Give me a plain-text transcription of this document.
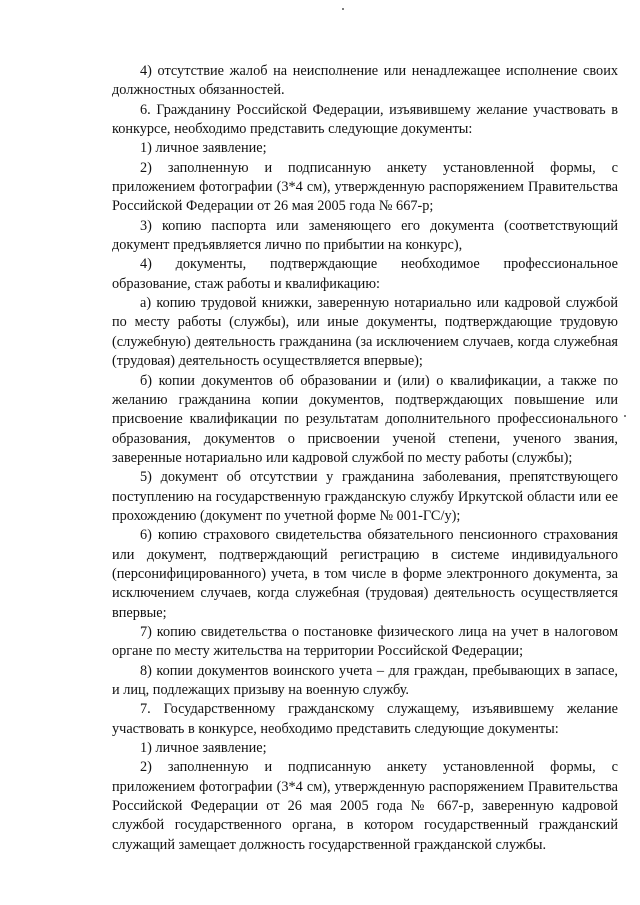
4) отсутствие жалоб на неисполнение или ненадлежащее исполнение своих должностных обязанностей.

6. Гражданину Российской Федерации, изъявившему желание участвовать в конкурсе, необходимо представить следующие документы:

1) личное заявление;

2) заполненную и подписанную анкету установленной формы, с приложением фотографии (3*4 см), утвержденную распоряжением Правительства Российской Федерации от 26 мая 2005 года № 667-р;

3) копию паспорта или заменяющего его документа (соответствующий документ предъявляется лично по прибытии на конкурс),

4) документы, подтверждающие необходимое профессиональное образование, стаж работы и квалификацию:

а) копию трудовой книжки, заверенную нотариально или кадровой службой по месту работы (службы), или иные документы, подтверждающие трудовую (служебную) деятельность гражданина (за исключением случаев, когда служебная (трудовая) деятельность осуществляется впервые);

б) копии документов об образовании и (или) о квалификации, а также по желанию гражданина копии документов, подтверждающих повышение или присвоение квалификации по результатам дополнительного профессионального образования, документов о присвоении ученой степени, ученого звания, заверенные нотариально или кадровой службой по месту работы (службы);

5) документ об отсутствии у гражданина заболевания, препятствующего поступлению на государственную гражданскую службу Иркутской области или ее прохождению (документ по учетной форме № 001-ГС/у);

6) копию страхового свидетельства обязательного пенсионного страхования или документ, подтверждающий регистрацию в системе индивидуального (персонифицированного) учета, в том числе в форме электронного документа, за исключением случаев, когда служебная (трудовая) деятельность осуществляется впервые;

7) копию свидетельства о постановке физического лица на учет в налоговом органе по месту жительства на территории Российской Федерации;

8) копии документов воинского учета – для граждан, пребывающих в запасе, и лиц, подлежащих призыву на военную службу.

7. Государственному гражданскому служащему, изъявившему желание участвовать в конкурсе, необходимо представить следующие документы:

1) личное заявление;

2) заполненную и подписанную анкету установленной формы, с приложением фотографии (3*4 см), утвержденную распоряжением Правительства Российской Федерации от 26 мая 2005 года № 667-р, заверенную кадровой службой государственного органа, в котором государственный гражданский служащий замещает должность государственной гражданской службы.
